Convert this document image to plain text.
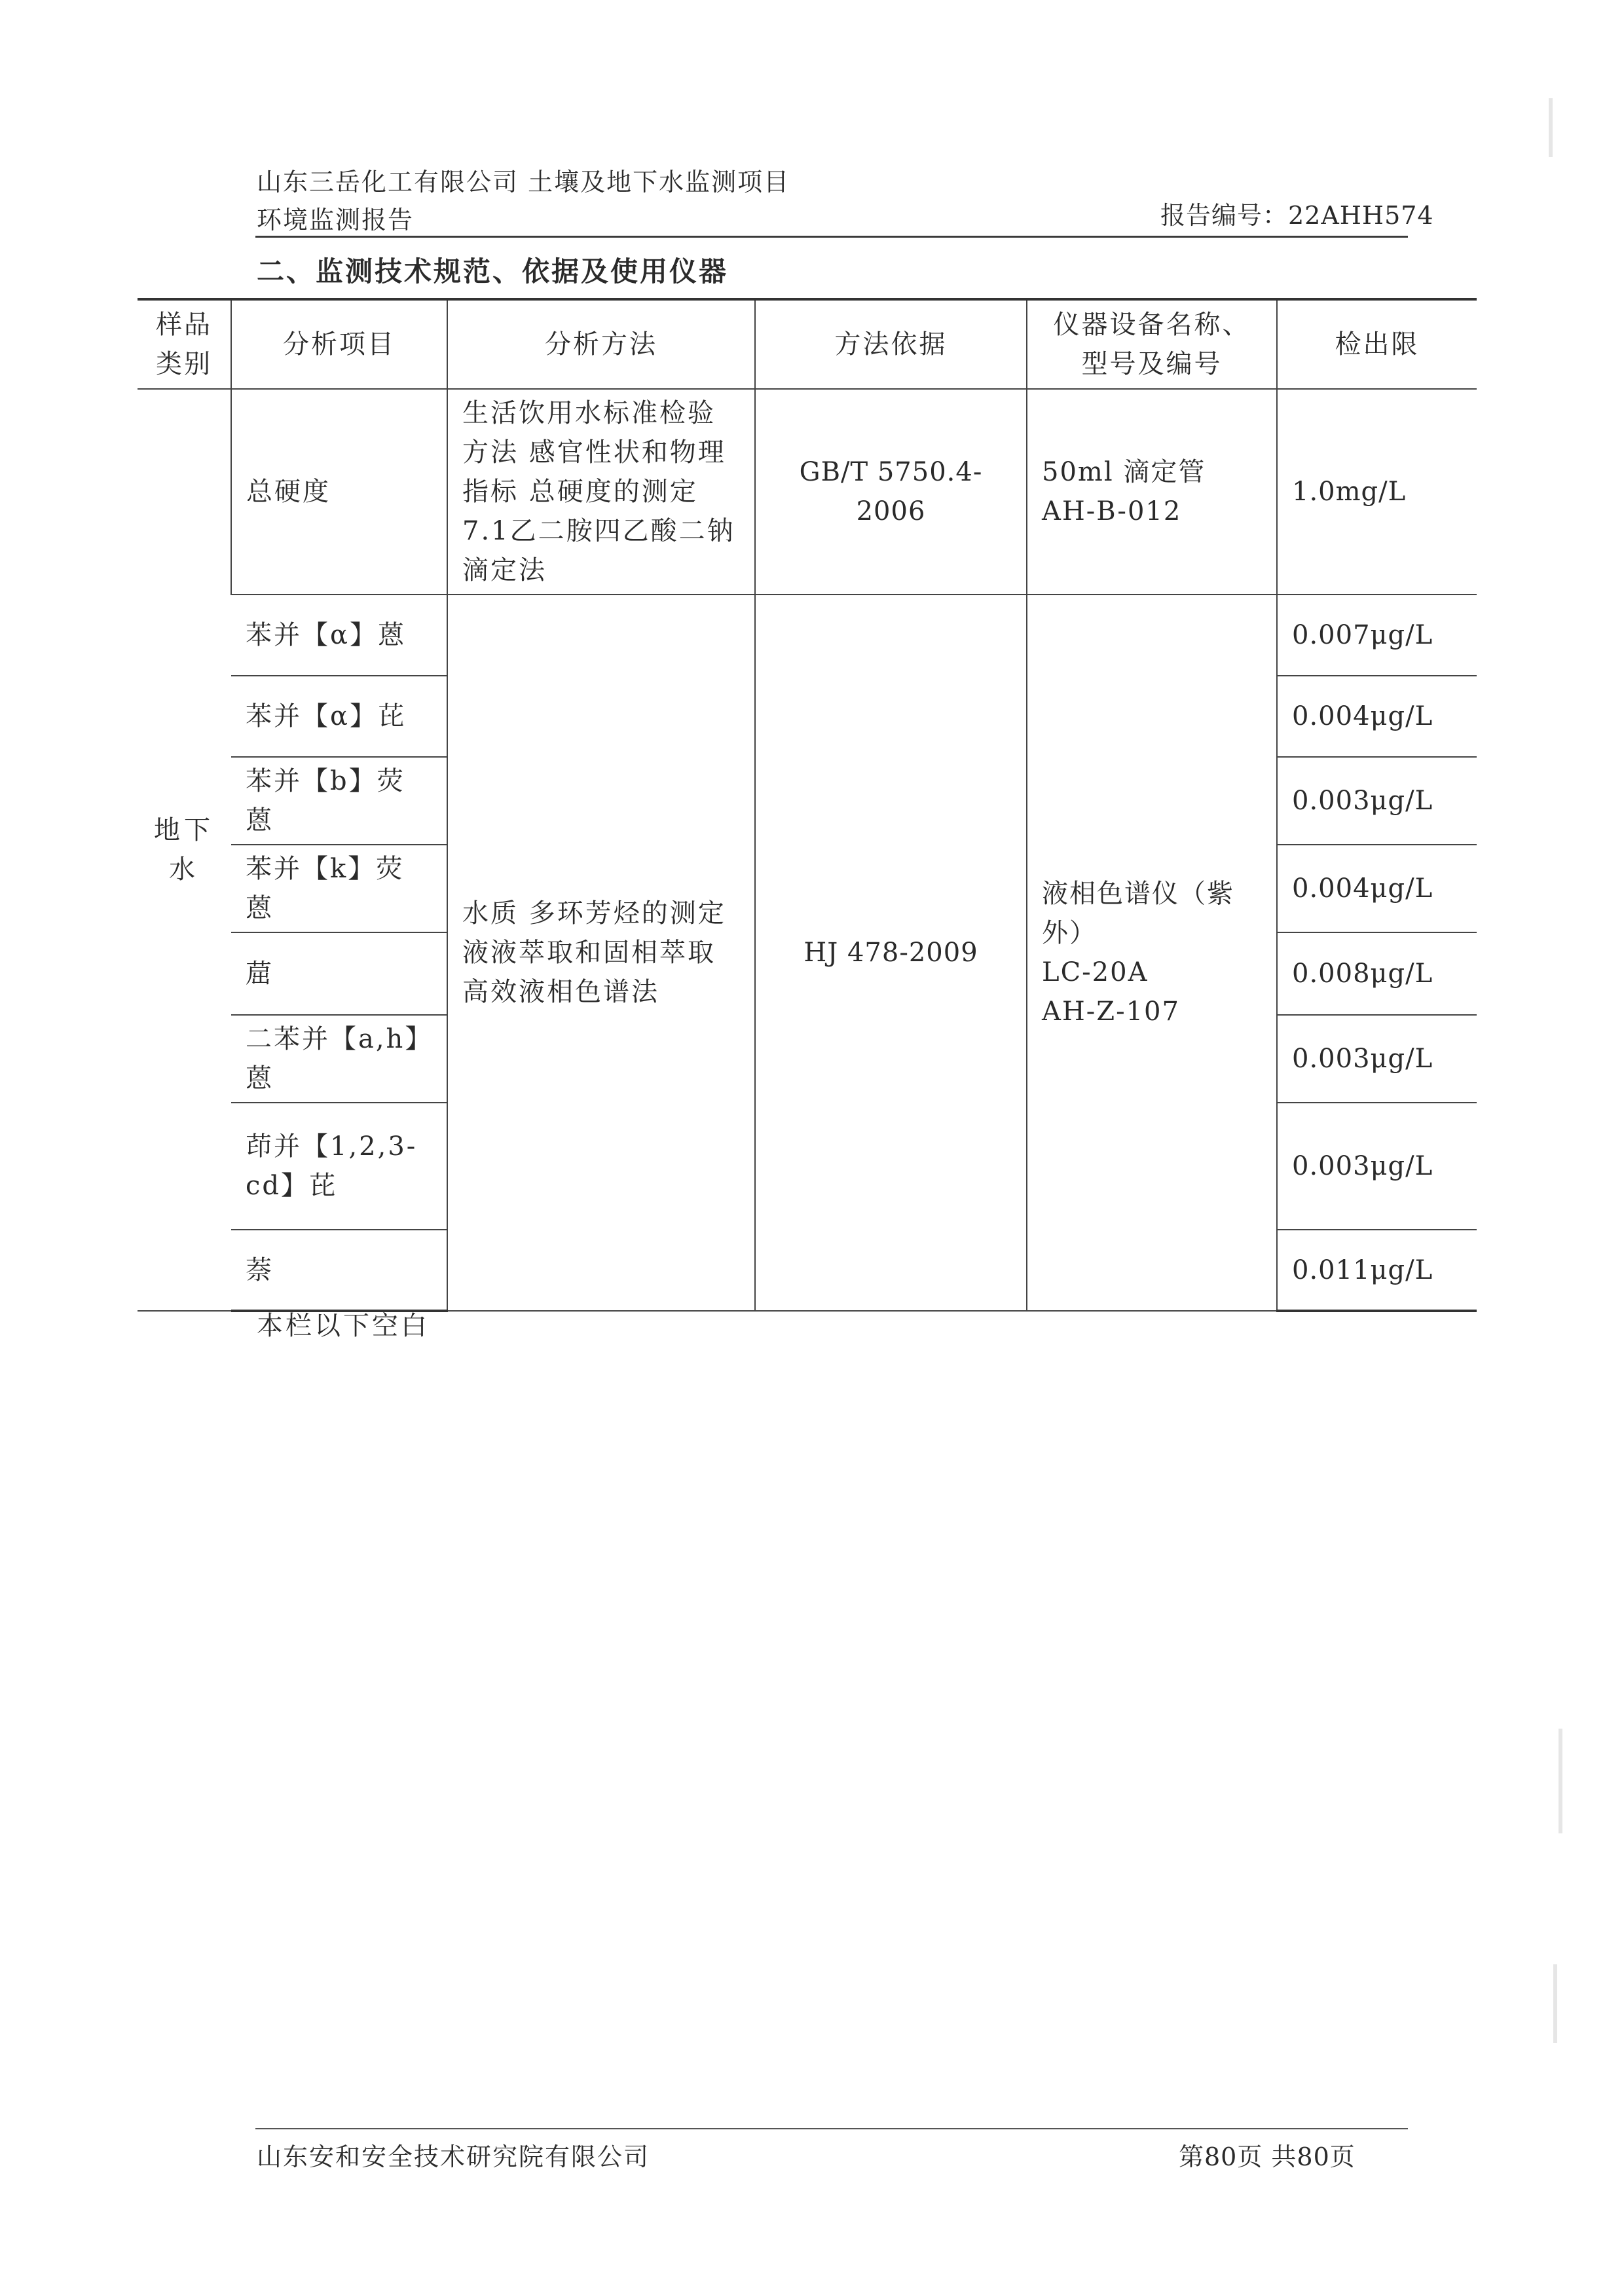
山东三岳化工有限公司 土壤及地下水监测项目
环境监测报告	报告编号：22AHH574
二、监测技术规范、依据及使用仪器
样品类别	分析项目	分析方法	方法依据	仪器设备名称、型号及编号	检出限
地下水	总硬度	生活饮用水标准检验方法 感官性状和物理指标 总硬度的测定 7.1乙二胺四乙酸二钠滴定法	GB/T 5750.4-2006	50ml 滴定管
AH-B-012	1.0mg/L
	苯并【α】蒽	水质 多环芳烃的测定 液液萃取和固相萃取高效液相色谱法	HJ 478-2009	液相色谱仪（紫外）
LC-20A
AH-Z-107	0.007μg/L
	苯并【α】芘				0.004μg/L
	苯并【b】荧蒽				0.003μg/L
	苯并【k】荧蒽				0.004μg/L
	䓛				0.008μg/L
	二苯并【a,h】蒽				0.003μg/L
	茚并【1,2,3-cd】芘				0.003μg/L
	萘				0.011μg/L
本栏以下空白
山东安和安全技术研究院有限公司	第80页 共80页
